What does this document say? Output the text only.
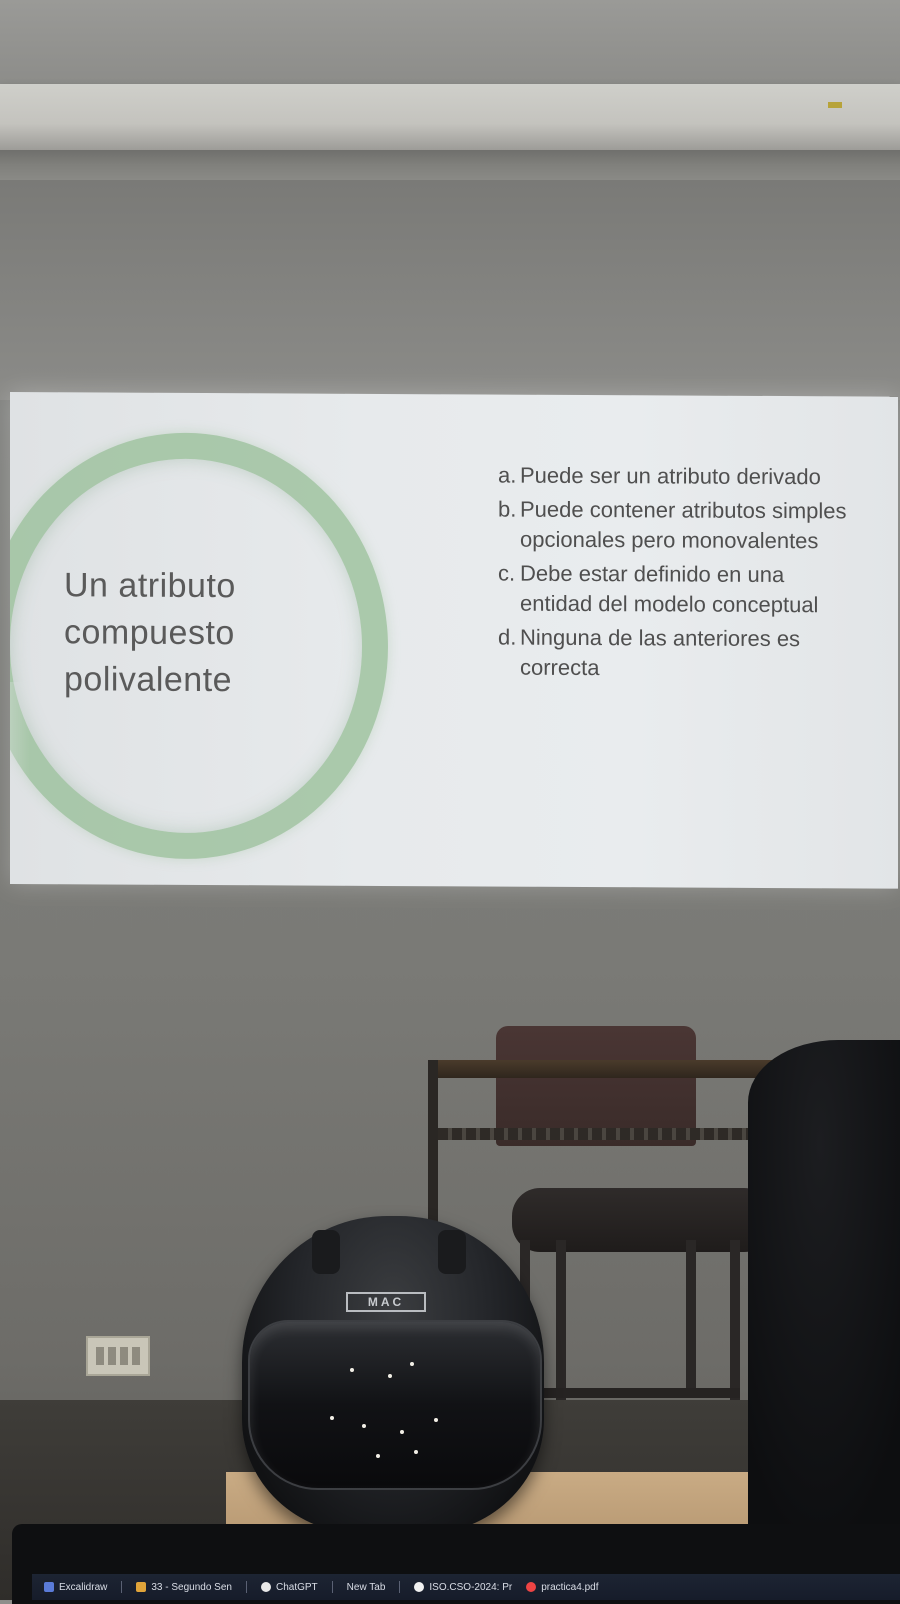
Un atributo
compuesto
polivalente
a. Puede ser un atributo derivado
b. Puede contener atributos simples opcionales pero monovalentes
c. Debe estar definido en una entidad del modelo conceptual
d. Ninguna de las anteriores es correcta
MAC
Excalidraw	33 - Segundo Sen	ChatGPT	New Tab	ISO.CSO-2024: Pr	practica4.pdf
